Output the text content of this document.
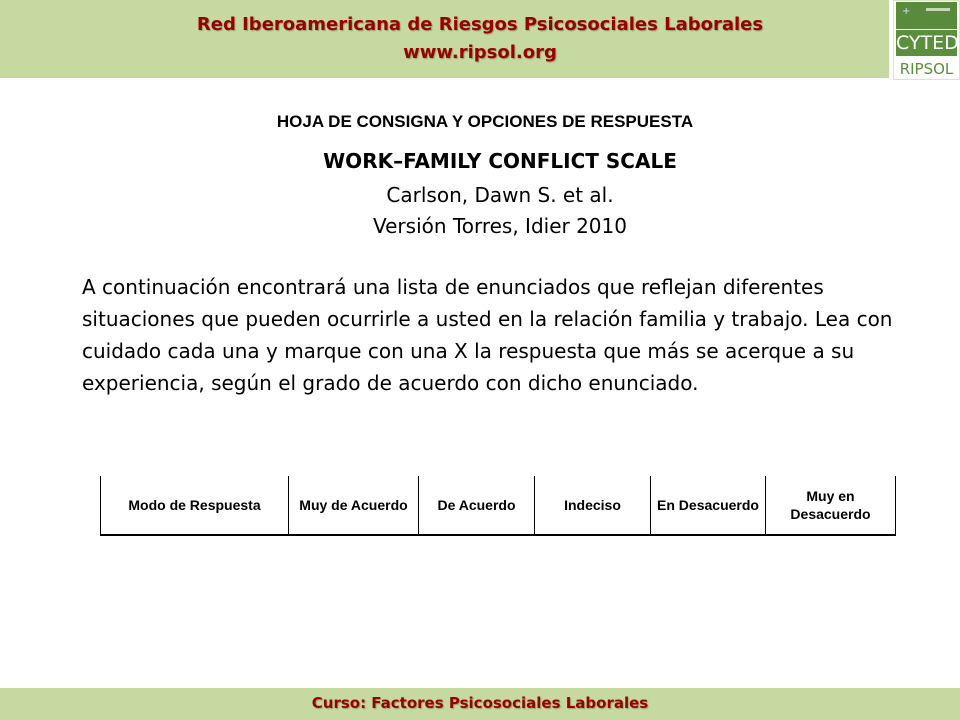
Red Iberoamericana de Riesgos Psicosociales Laborales
www.ripsol.org
+
CYTED
RIPSOL
HOJA DE CONSIGNA Y OPCIONES DE RESPUESTA
WORK–FAMILY CONFLICT SCALE
Carlson, Dawn S. et al.
Versión Torres, Idier 2010
A continuación encontrará una lista de enunciados que reflejan diferentes situaciones que pueden ocurrirle a usted en la relación familia y trabajo. Lea con cuidado cada una y marque con una X la respuesta que más se acerque a su experiencia, según el grado de acuerdo con dicho enunciado.
Modo de Respuesta	Muy de Acuerdo	De Acuerdo	Indeciso	En Desacuerdo	Muy en Desacuerdo
Curso: Factores Psicosociales Laborales
